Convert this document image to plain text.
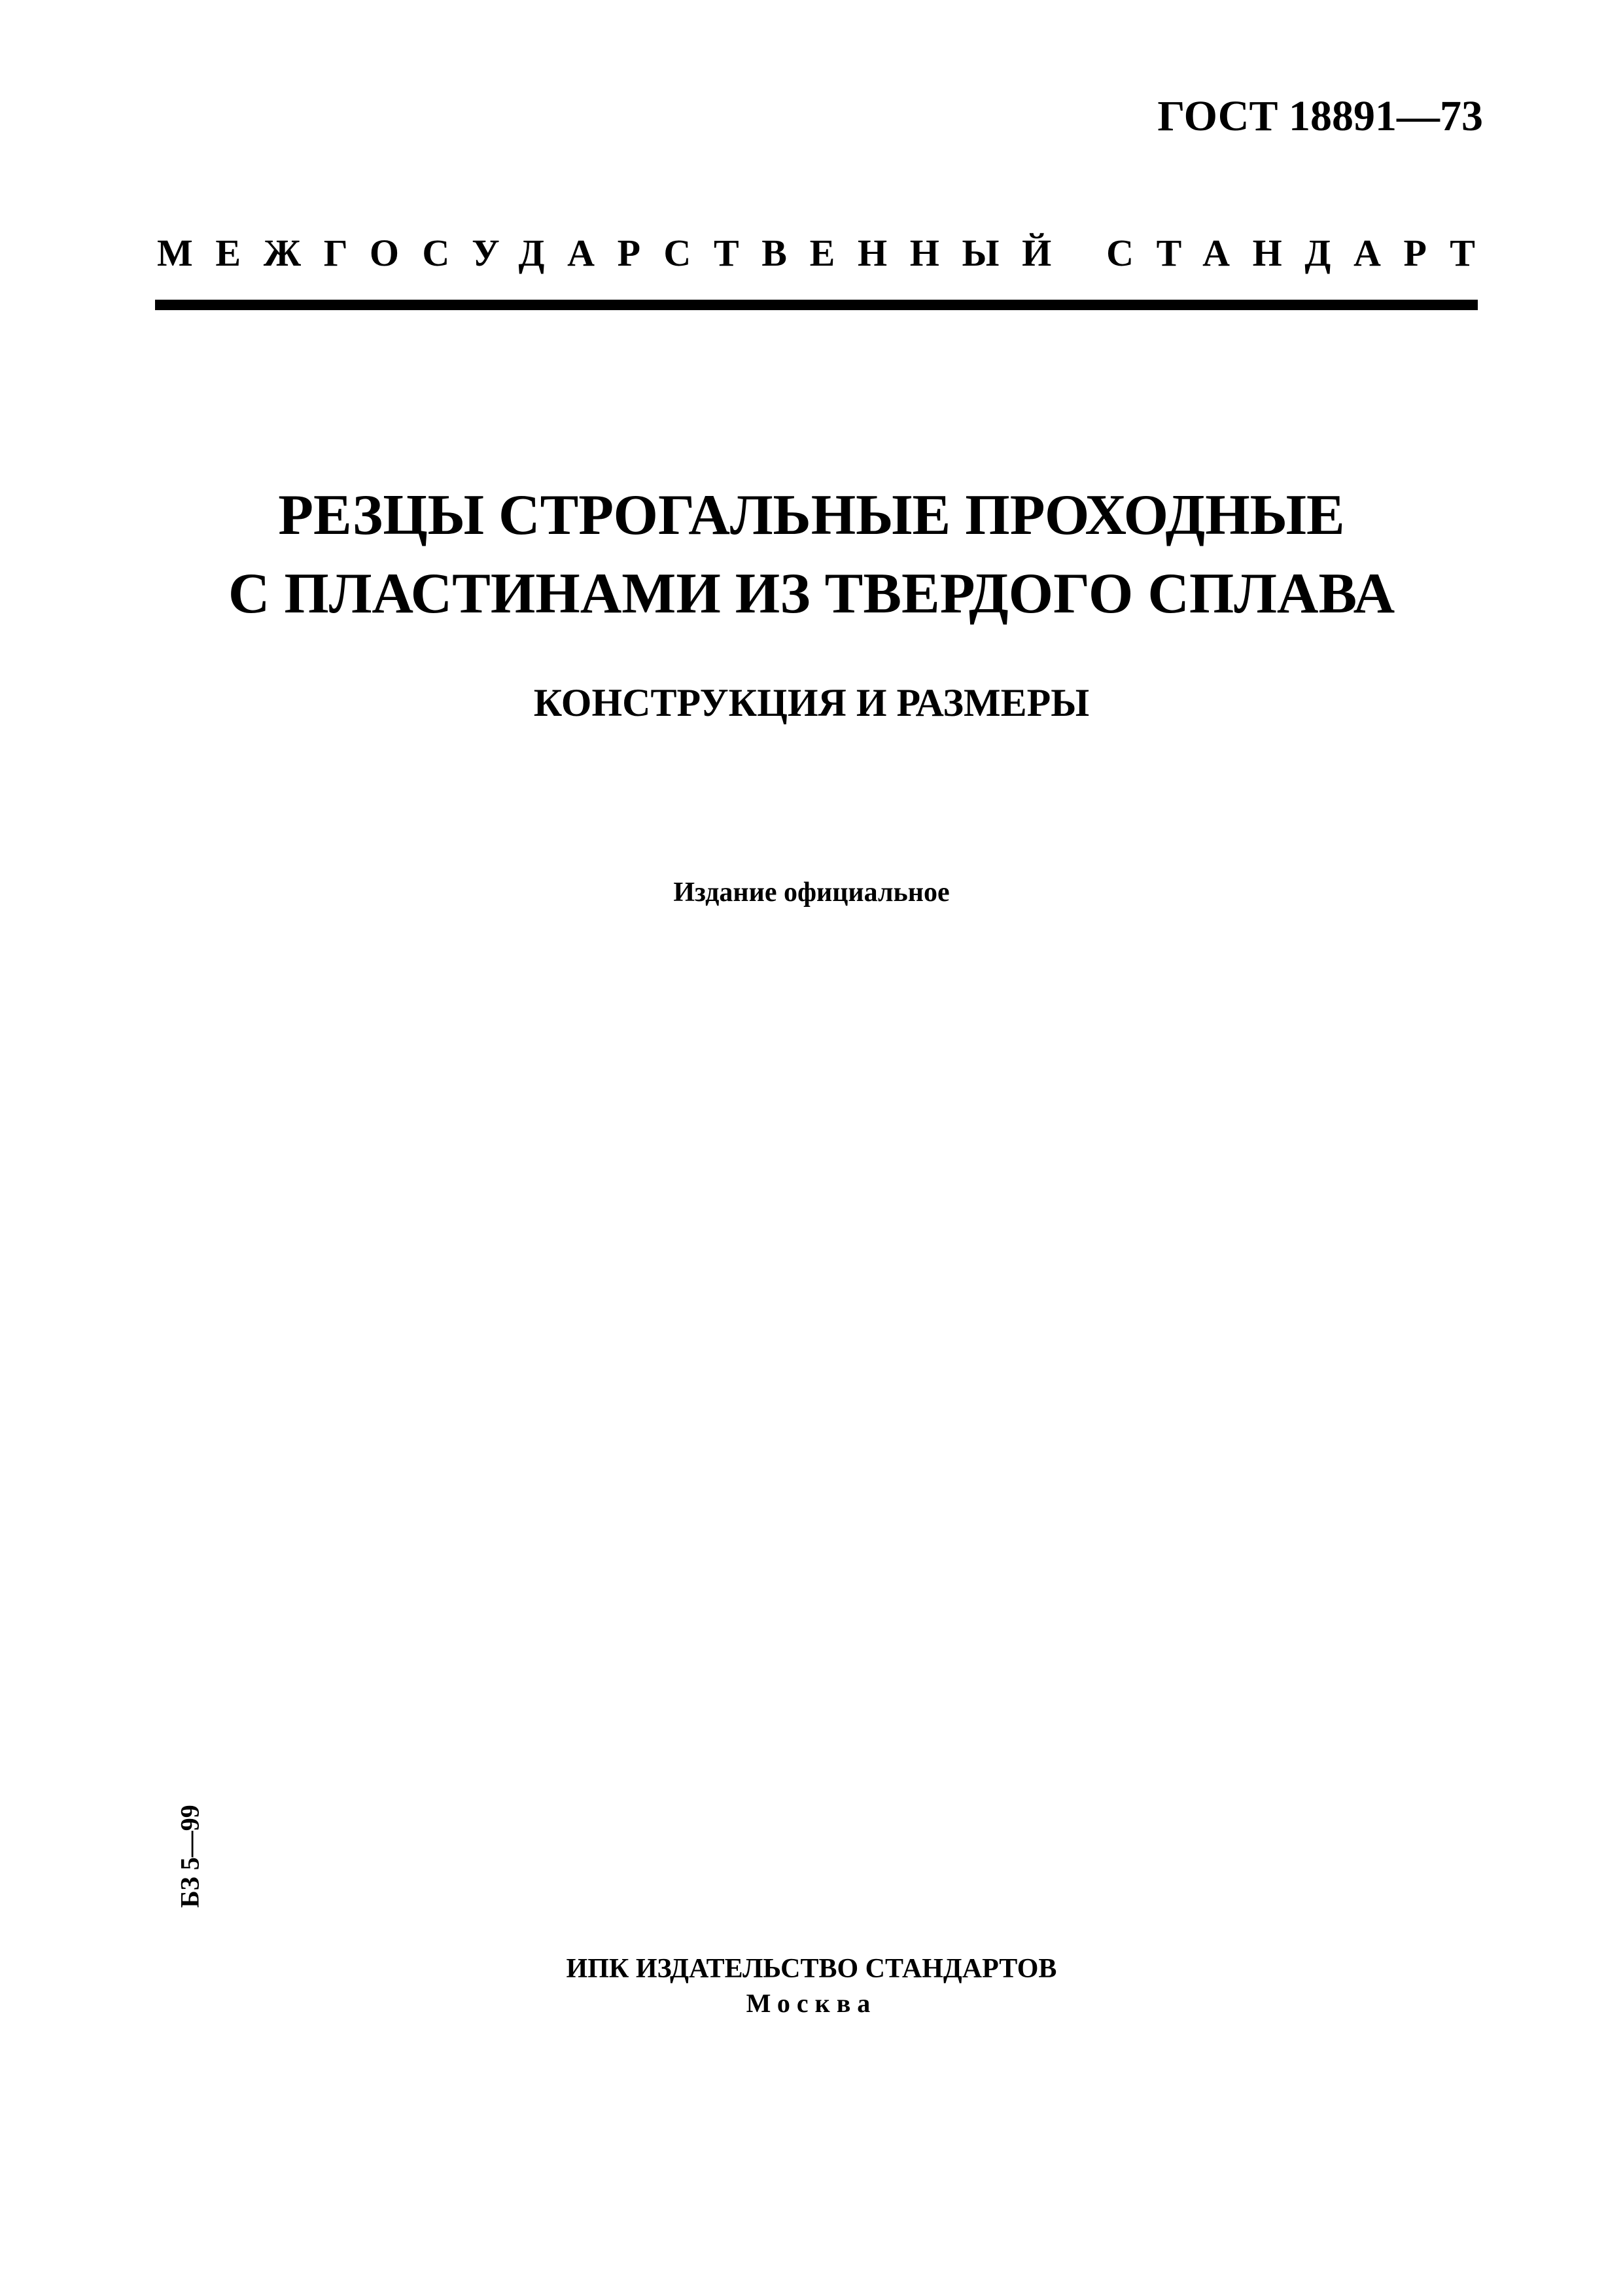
ГОСТ 18891—73
МЕЖГОСУДАРСТВЕННЫЙ СТАНДАРТ
РЕЗЦЫ СТРОГАЛЬНЫЕ ПРОХОДНЫЕ
С ПЛАСТИНАМИ ИЗ ТВЕРДОГО СПЛАВА
КОНСТРУКЦИЯ И РАЗМЕРЫ
Издание официальное
БЗ 5—99
ИПК ИЗДАТЕЛЬСТВО СТАНДАРТОВ
Москва
